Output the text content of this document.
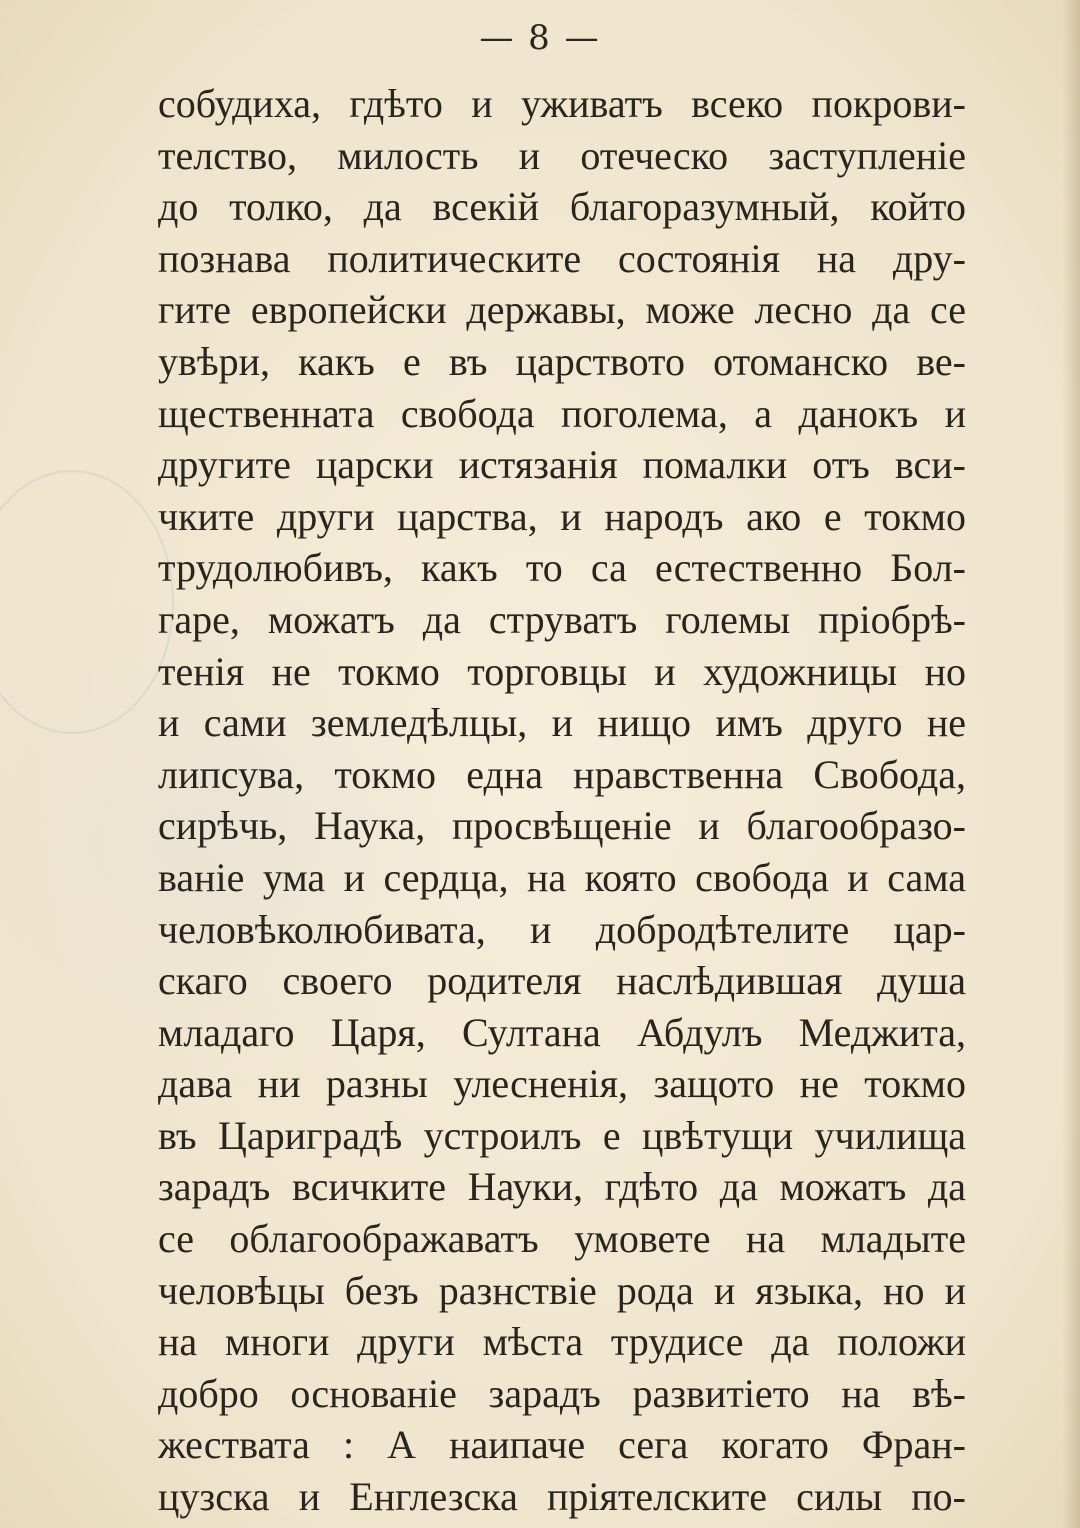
— 8 —
собудиха, гдѣто и уживатъ всеко покрови-
телство, милость и отеческо заступленіе
до толко, да всекій благоразумный, който
познава политическите состоянія на дру-
гите европейски державы, може лесно да се
увѣри, какъ е въ царството отоманско ве-
щественната свобода поголема, а данокъ и
другите царски истязанія помалки отъ вси-
чките други царства, и народъ ако е токмо
трудолюбивъ, какъ то са естественно Бол-
гаре, можатъ да струватъ големы пріобрѣ-
тенія не токмо торговцы и художницы но
и сами земледѣлцы, и нищо имъ друго не
липсува, токмо една нравственна Свобода,
сирѣчь, Наука, просвѣщеніе и благообразо-
ваніе ума и сердца, на която свобода и сама
человѣколюбивата, и добродѣтелите цар-
скаго своего родителя наслѣдившая душа
младаго Царя, Султана Абдулъ Меджита,
дава ни разны улесненія, защото не токмо
въ Цариградѣ устроилъ е цвѣтущи училища
зарадъ всичките Науки, гдѣто да можатъ да
се облагоображаватъ умовете на младыте
человѣцы безъ разнствіе рода и языка, но и
на многи други мѣста трудисе да положи
добро основаніе зарадъ развитіето на вѣ-
жествата : А наипаче сега когато Фран-
цузска и Енглезска пріятелските силы по-
